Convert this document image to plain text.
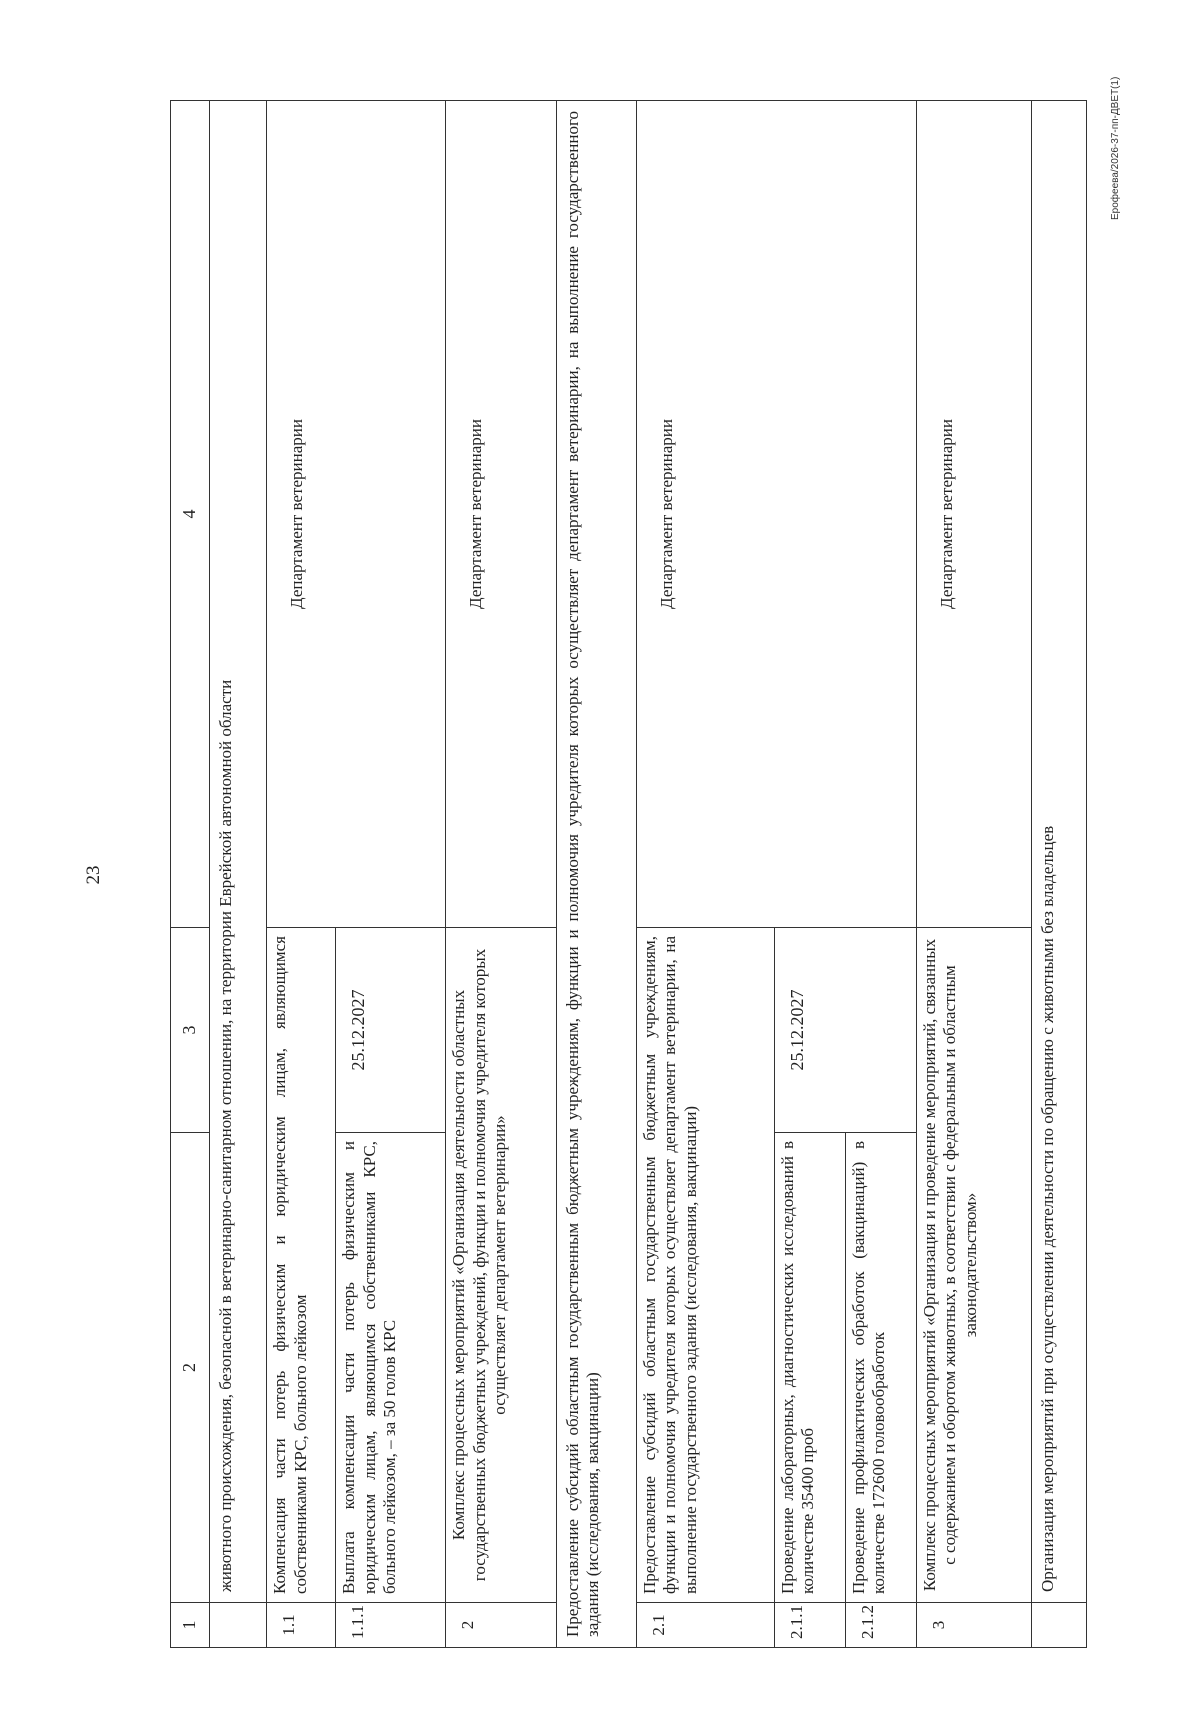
23
Ерофеева/2026-37-пп-ДВЕТ(1)
1	2	3	4
	животного происхождения, безопасной в ветеринарно-санитарном отношении, на территории Еврейской автономной области		
1.1	Компенсация части потерь физическим и юридическим лицам, являющимся собственниками КРС, больного лейкозом		Департамент ветеринарии
1.1.1	Выплата компенсации части потерь физическим и юридическим лицам, являющимся собственниками КРС, больного лейкозом, – за 50 голов КРС	25.12.2027	
2	Комплекс процессных мероприятий «Организация деятельности областных государственных бюджетных учреждений, функции и полномочия учредителя которых осуществляет департамент ветеринарии»		Департамент ветеринарии
Предоставление субсидий областным государственным бюджетным учреждениям, функции и полномочия учредителя которых осуществляет департамент ветеринарии, на выполнение государственного задания (исследования, вакцинации)			
2.1	Предоставление субсидий областным государственным бюджетным учреждениям, функции и полномочия учредителя которых осуществляет департамент ветеринарии, на выполнение государственного задания (исследования, вакцинации)		Департамент ветеринарии
2.1.1	Проведение лабораторных, диагностических исследований в количестве 35400 проб	25.12.2027	
2.1.2	Проведение профилактических обработок (вакцинаций) в количестве 172600 головообработок		
3	Комплекс процессных мероприятий «Организация и проведение мероприятий, связанных с содержанием и оборотом животных, в соответствии с федеральным и областным законодательством»		Департамент ветеринарии
	Организация мероприятий при осуществлении деятельности по обращению с животными без владельцев		
